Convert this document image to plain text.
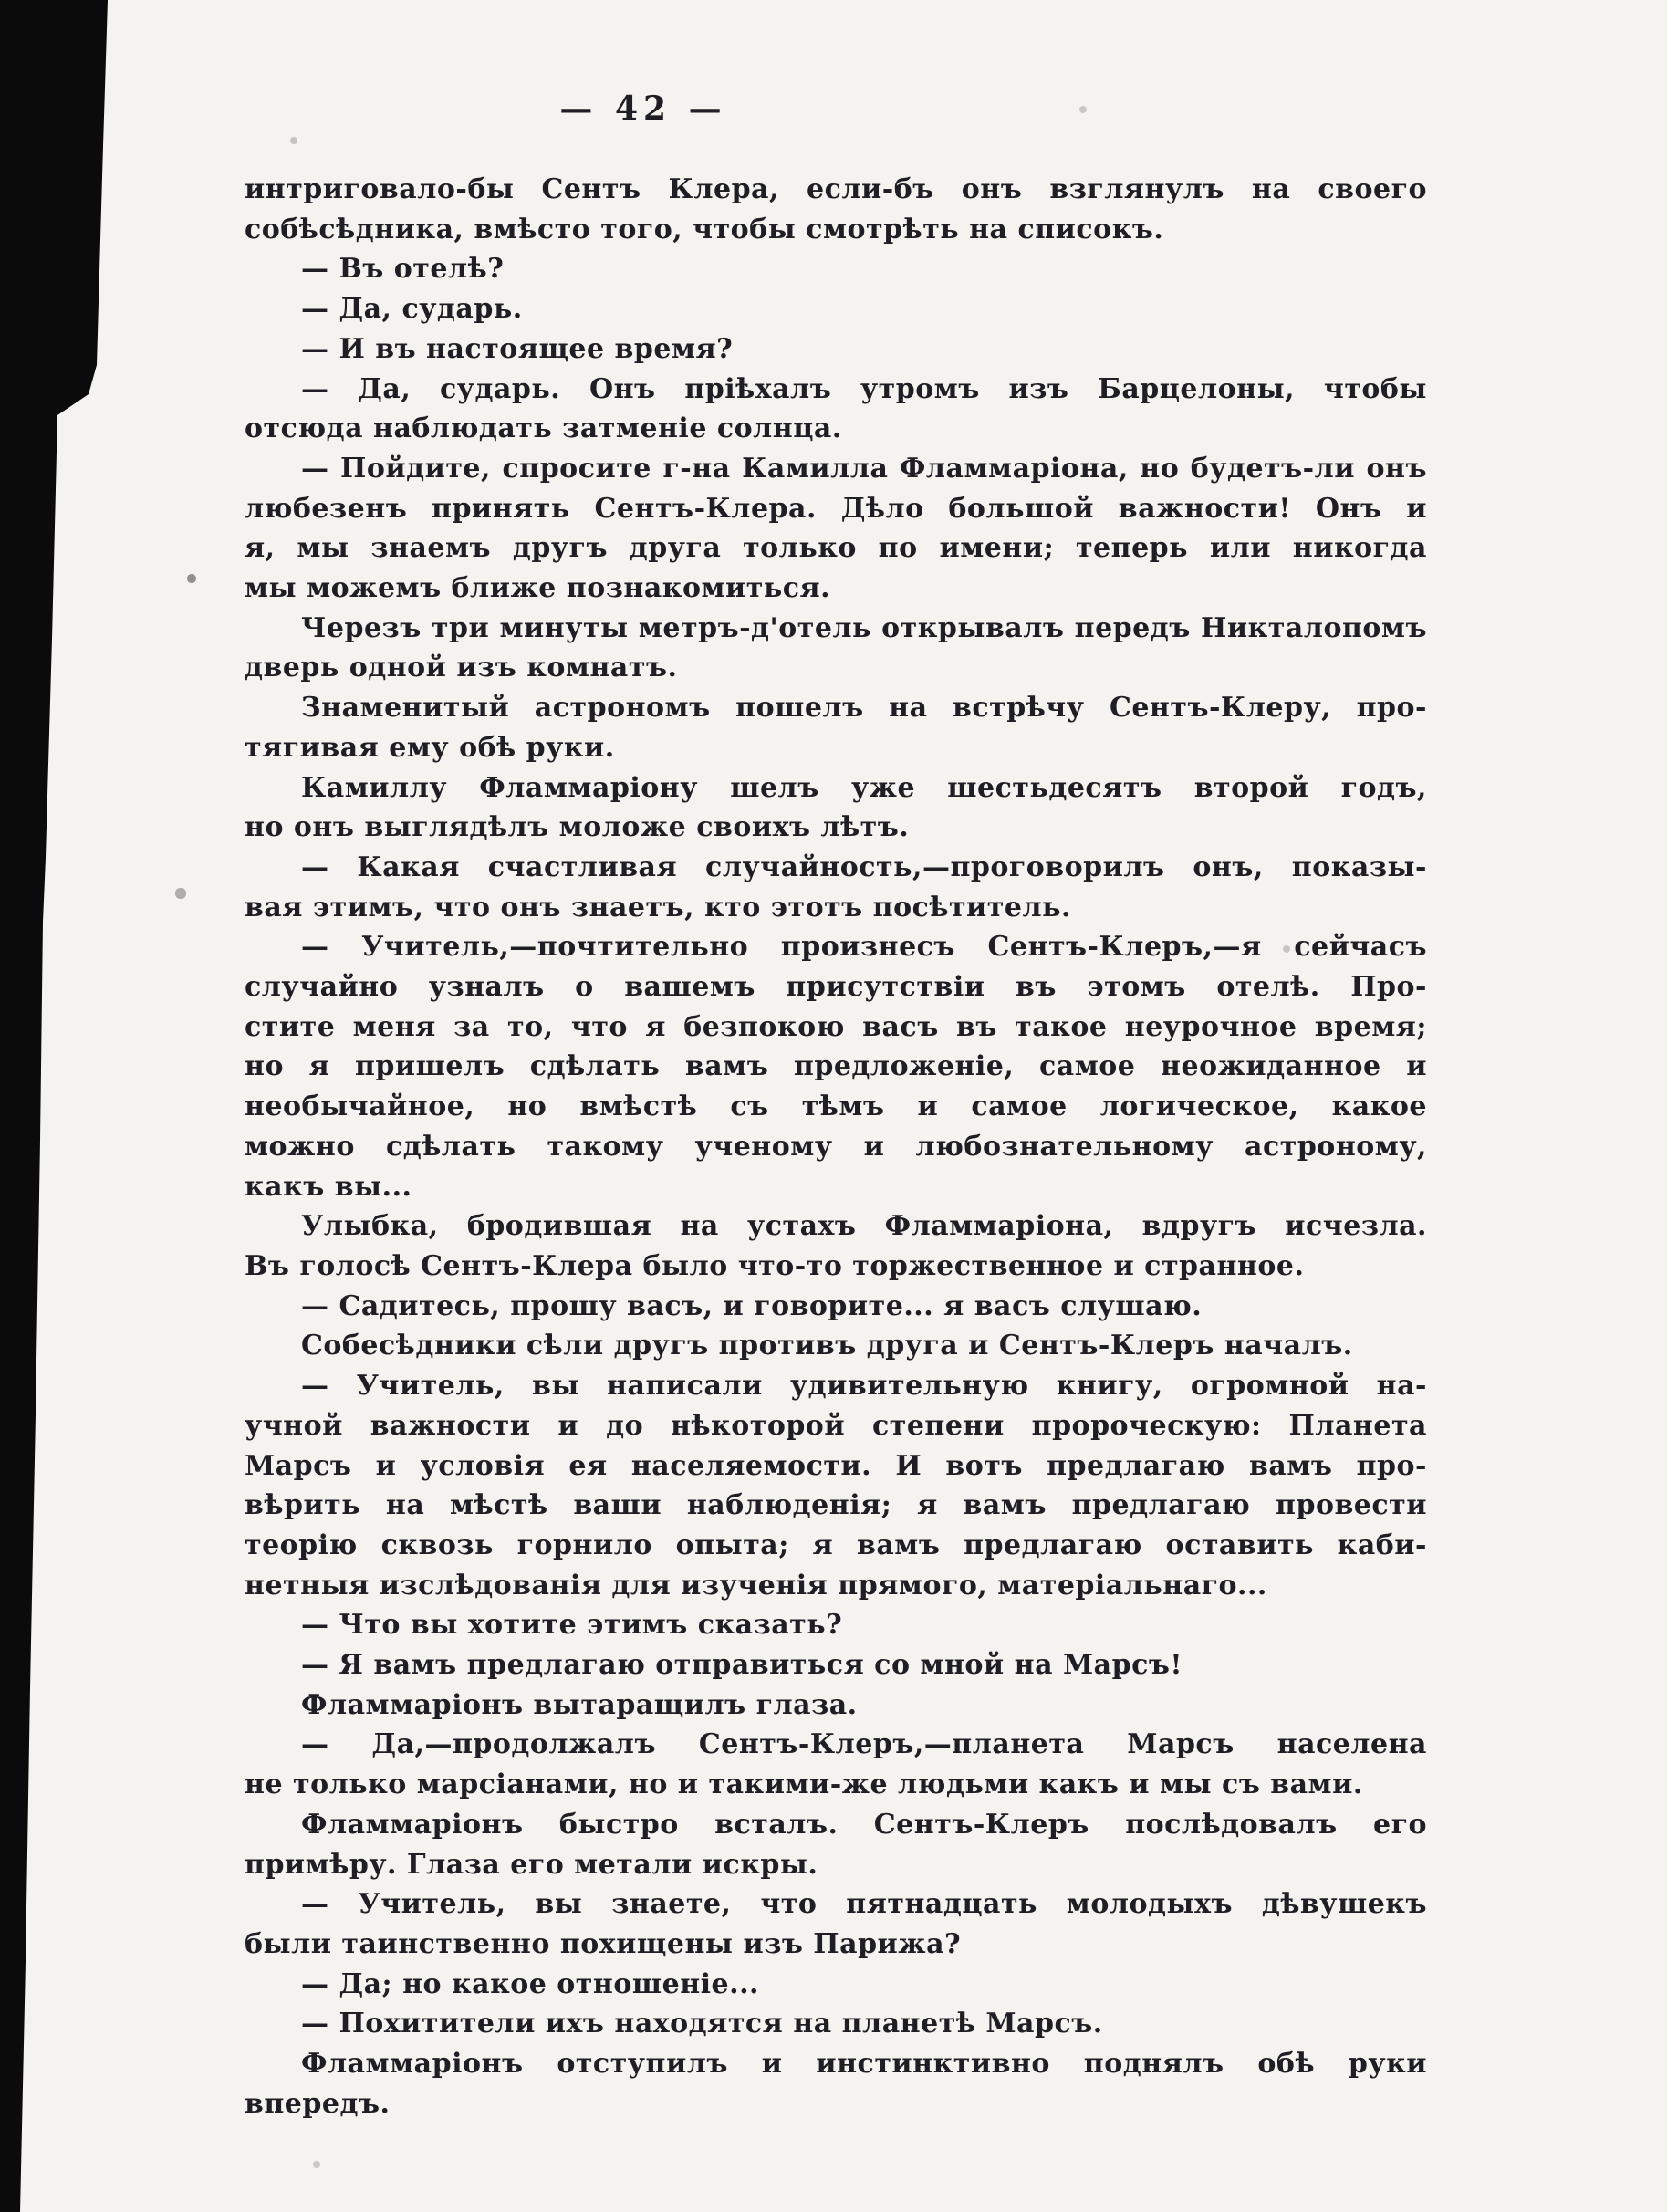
— 42 —
интриговало-бы Сентъ Клера, если-бъ онъ взглянулъ на своего
собѣсѣдника, вмѣсто того, чтобы смотрѣть на списокъ.
— Въ отелѣ?
— Да, сударь.
— И въ настоящее время?
— Да, сударь. Онъ пріѣхалъ утромъ изъ Барцелоны, чтобы
отсюда наблюдать затменіе солнца.
— Пойдите, спросите г-на Камилла Фламмаріона, но будетъ-ли онъ
любезенъ принять Сентъ-Клера. Дѣло большой важности! Онъ и
я, мы знаемъ другъ друга только по имени; теперь или никогда
мы можемъ ближе познакомиться.
Черезъ три минуты метръ-д'отель открывалъ передъ Никталопомъ
дверь одной изъ комнатъ.
Знаменитый астрономъ пошелъ на встрѣчу Сентъ-Клеру, про-
тягивая ему обѣ руки.
Камиллу Фламмаріону шелъ уже шестьдесятъ второй годъ,
но онъ выглядѣлъ моложе своихъ лѣтъ.
— Какая счастливая случайность,—проговорилъ онъ, показы-
вая этимъ, что онъ знаетъ, кто этотъ посѣтитель.
— Учитель,—почтительно произнесъ Сентъ-Клеръ,—я сейчасъ
случайно узналъ о вашемъ присутствіи въ этомъ отелѣ. Про-
стите меня за то, что я безпокою васъ въ такое неурочное время;
но я пришелъ сдѣлать вамъ предложеніе, самое неожиданное и
необычайное, но вмѣстѣ съ тѣмъ и самое логическое, какое
можно сдѣлать такому ученому и любознательному астроному,
какъ вы...
Улыбка, бродившая на устахъ Фламмаріона, вдругъ исчезла.
Въ голосѣ Сентъ-Клера было что-то торжественное и странное.
— Садитесь, прошу васъ, и говорите... я васъ слушаю.
Собесѣдники сѣли другъ противъ друга и Сентъ-Клеръ началъ.
— Учитель, вы написали удивительную книгу, огромной на-
учной важности и до нѣкоторой степени пророческую: Планета
Марсъ и условія ея населяемости. И вотъ предлагаю вамъ про-
вѣрить на мѣстѣ ваши наблюденія; я вамъ предлагаю провести
теорію сквозь горнило опыта; я вамъ предлагаю оставить каби-
нетныя изслѣдованія для изученія прямого, матеріальнаго...
— Что вы хотите этимъ сказать?
— Я вамъ предлагаю отправиться со мной на Марсъ!
Фламмаріонъ вытаращилъ глаза.
— Да,—продолжалъ Сентъ-Клеръ,—планета Марсъ населена
не только марсіанами, но и такими-же людьми какъ и мы съ вами.
Фламмаріонъ быстро всталъ. Сентъ-Клеръ послѣдовалъ его
примѣру. Глаза его метали искры.
— Учитель, вы знаете, что пятнадцать молодыхъ дѣвушекъ
были таинственно похищены изъ Парижа?
— Да; но какое отношеніе...
— Похитители ихъ находятся на планетѣ Марсъ.
Фламмаріонъ отступилъ и инстинктивно поднялъ обѣ руки
впередъ.
